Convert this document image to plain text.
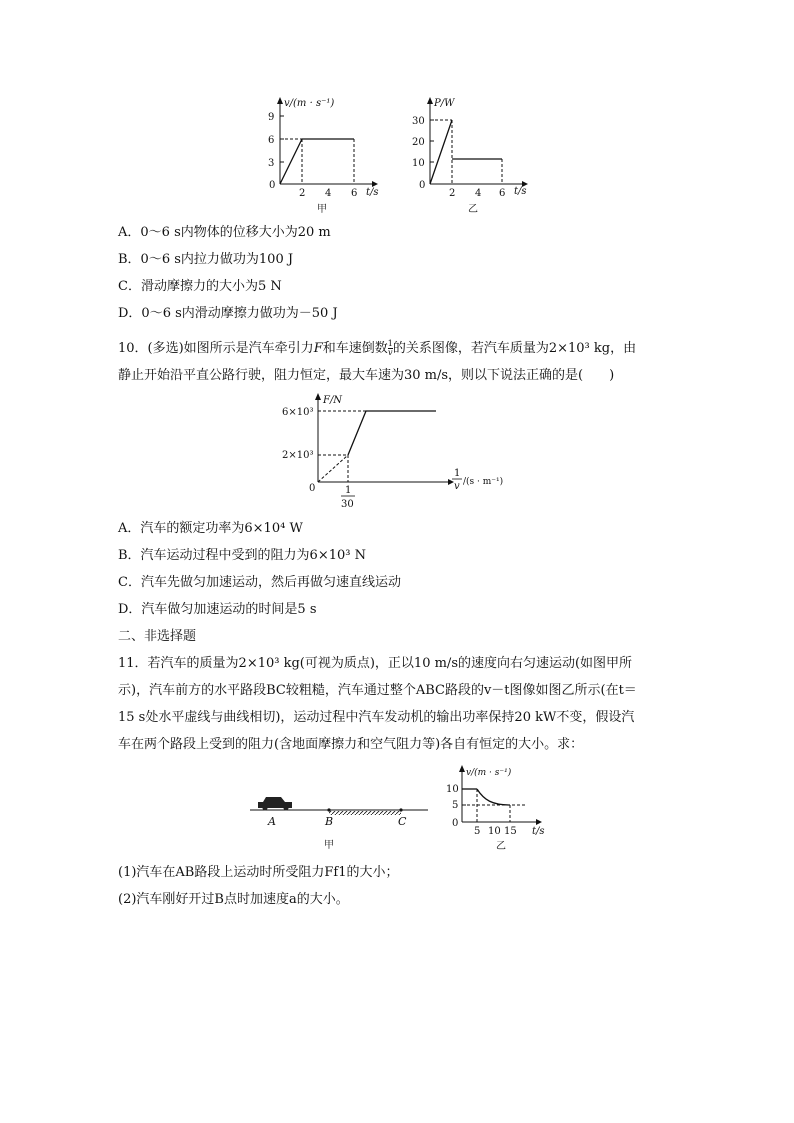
v/(m · s⁻¹)
9
6
3
0
2 4 6 t/s
甲
P/W
30
20
10
0
2 4 6 t/s
乙
A．0～6 s内物体的位移大小为20 m
B．0～6 s内拉力做功为100 J
C．滑动摩擦力的大小为5 N
D．0～6 s内滑动摩擦力做功为－50 J
10．(多选)如图所示是汽车牵引力F和车速倒数 $\frac{1}{v}$ 的关系图像，若汽车质量为2×10³ kg，由
静止开始沿平直公路行驶，阻力恒定，最大车速为30 m/s，则以下说法正确的是(　　)
F/N
6×10³
2×10³
0	1
30
1
v /(s · m⁻¹)
A．汽车的额定功率为6×10⁴ W
B．汽车运动过程中受到的阻力为6×10³ N
C．汽车先做匀加速运动，然后再做匀速直线运动
D．汽车做匀加速运动的时间是5 s
二、非选择题
11．若汽车的质量为2×10³ kg(可视为质点)，正以10 m/s的速度向右匀速运动(如图甲所
示)，汽车前方的水平路段BC较粗糙，汽车通过整个ABC路段的v－t图像如图乙所示(在t＝
15 s处水平虚线与曲线相切)，运动过程中汽车发动机的输出功率保持20 kW不变，假设汽
车在两个路段上受到的阻力(含地面摩擦力和空气阻力等)各自有恒定的大小。求：
A	B	C
甲
v/(m · s⁻¹)
10
5
0
5 10 15 t/s
乙
(1)汽车在AB路段上运动时所受阻力Ff1的大小；
(2)汽车刚好开过B点时加速度a的大小。
